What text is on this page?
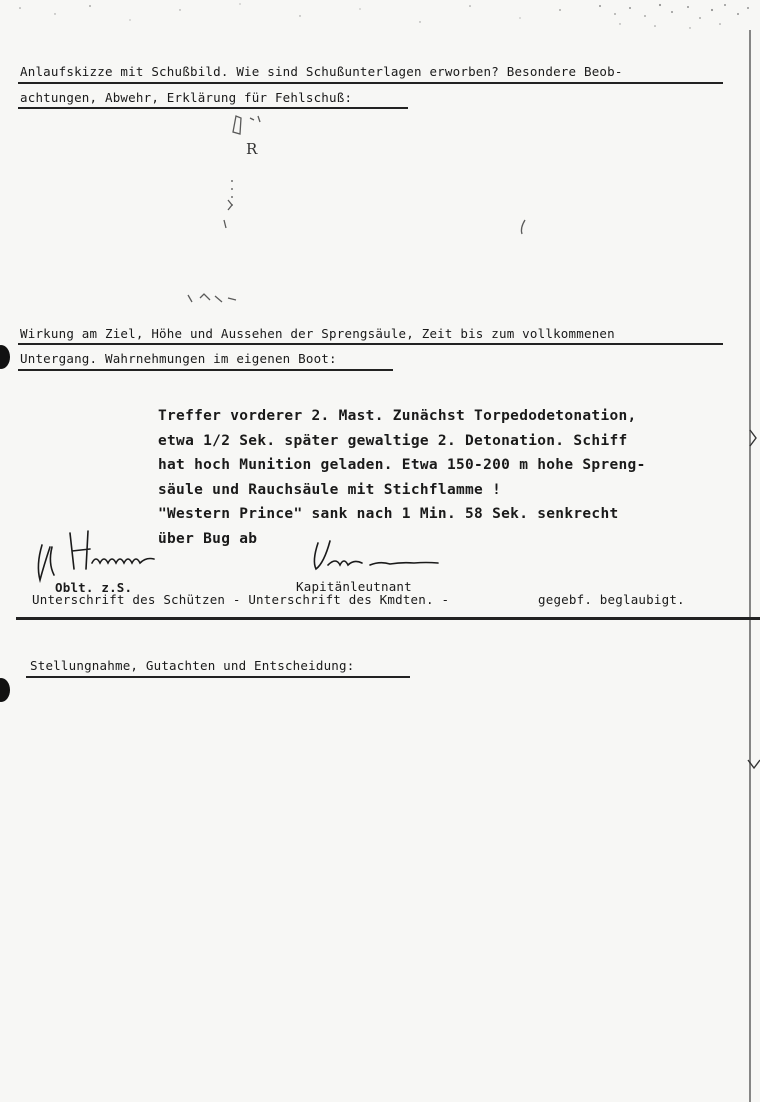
Anlaufskizze mit Schußbild. Wie sind Schußunterlagen erworben? Besondere Beob-
achtungen, Abwehr, Erklärung für Fehlschuß:
R
Wirkung am Ziel, Höhe und Aussehen der Sprengsäule, Zeit bis zum vollkommenen
Untergang. Wahrnehmungen im eigenen Boot:
Treffer vorderer 2. Mast. Zunächst Torpedodetonation,
etwa 1/2 Sek. später gewaltige 2. Detonation. Schiff
hat hoch Munition geladen. Etwa 150-200 m hohe Spreng-
säule und Rauchsäule mit Stichflamme !
"Western Prince" sank nach 1 Min. 58 Sek. senkrecht
über Bug ab
Oblt. z.S.	Kapitänleutnant
Unterschrift des Schützen - Unterschrift des Kmdten. -	gegebf. beglaubigt.
Stellungnahme, Gutachten und Entscheidung:
